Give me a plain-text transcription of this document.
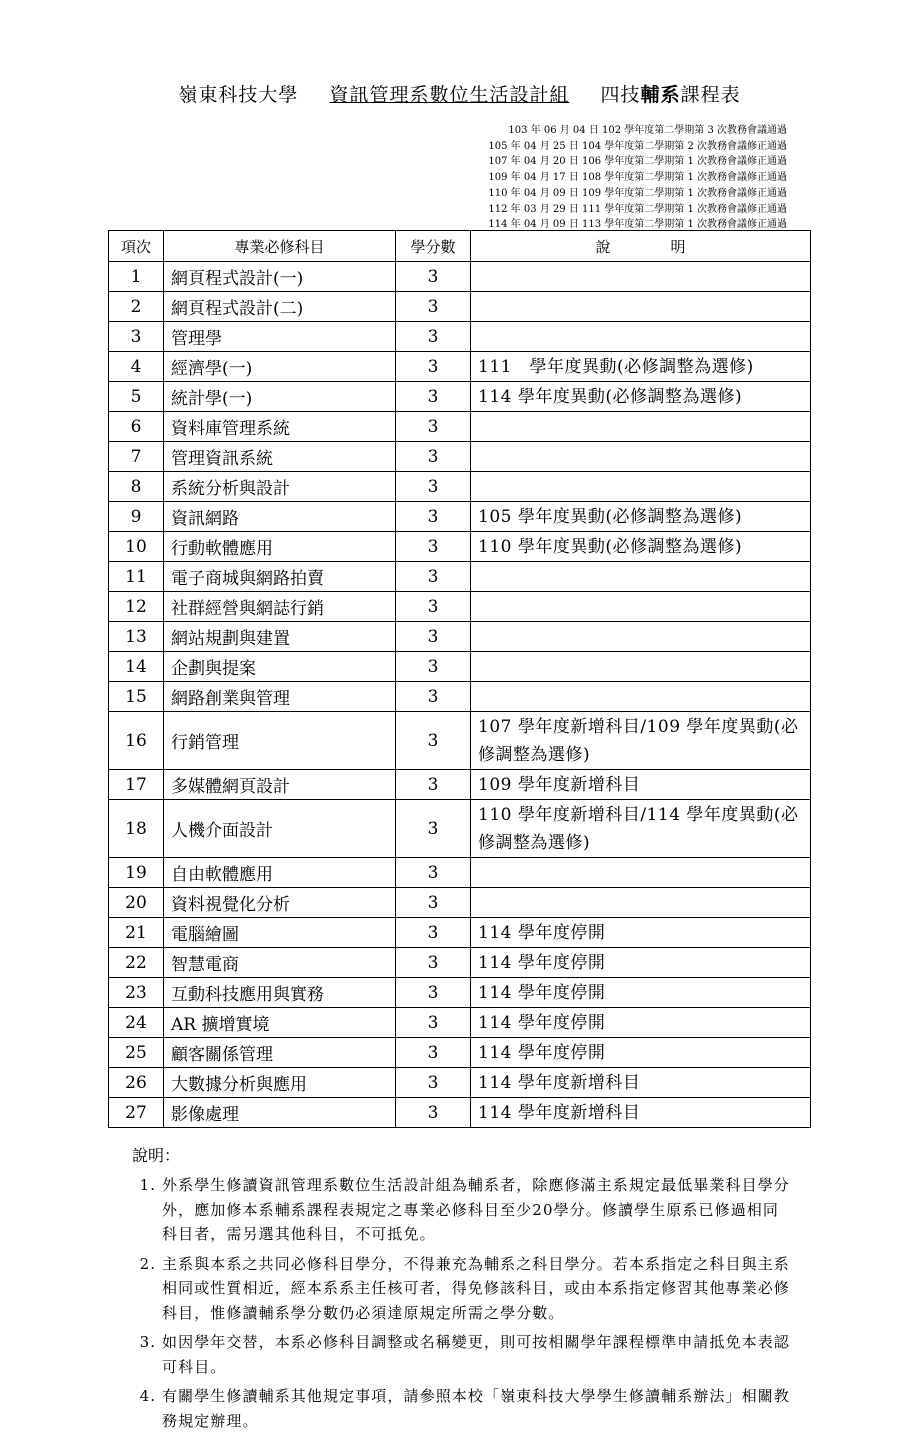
嶺東科技大學 資訊管理系數位生活設計組 四技輔系課程表
103 年 06 月 04 日 102 學年度第二學期第 3 次教務會議通過
105 年 04 月 25 日 104 學年度第二學期第 2 次教務會議修正通過
107 年 04 月 20 日 106 學年度第二學期第 1 次教務會議修正通過
109 年 04 月 17 日 108 學年度第二學期第 1 次教務會議修正通過
110 年 04 月 09 日 109 學年度第二學期第 1 次教務會議修正通過
112 年 03 月 29 日 111 學年度第二學期第 1 次教務會議修正通過
114 年 04 月 09 日 113 學年度第二學期第 1 次教務會議修正通過
項次	專業必修科目	學分數	說　　　　明
1	網頁程式設計(一)	3	
2	網頁程式設計(二)	3	
3	管理學	3	
4	經濟學(一)	3	111　學年度異動(必修調整為選修)
5	統計學(一)	3	114 學年度異動(必修調整為選修)
6	資料庫管理系統	3	
7	管理資訊系統	3	
8	系統分析與設計	3	
9	資訊網路	3	105 學年度異動(必修調整為選修)
10	行動軟體應用	3	110 學年度異動(必修調整為選修)
11	電子商城與網路拍賣	3	
12	社群經營與網誌行銷	3	
13	網站規劃與建置	3	
14	企劃與提案	3	
15	網路創業與管理	3	
16	行銷管理	3	107 學年度新增科目/109 學年度異動(必修調整為選修)
17	多媒體網頁設計	3	109 學年度新增科目
18	人機介面設計	3	110 學年度新增科目/114 學年度異動(必修調整為選修)
19	自由軟體應用	3	
20	資料視覺化分析	3	
21	電腦繪圖	3	114 學年度停開
22	智慧電商	3	114 學年度停開
23	互動科技應用與實務	3	114 學年度停開
24	AR 擴增實境	3	114 學年度停開
25	顧客關係管理	3	114 學年度停開
26	大數據分析與應用	3	114 學年度新增科目
27	影像處理	3	114 學年度新增科目
說明：
1. 外系學生修讀資訊管理系數位生活設計組為輔系者，除應修滿主系規定最低畢業科目學分外，應加修本系輔系課程表規定之專業必修科目至少20學分。修讀學生原系已修過相同科目者，需另選其他科目，不可抵免。
2. 主系與本系之共同必修科目學分，不得兼充為輔系之科目學分。若本系指定之科目與主系相同或性質相近，經本系系主任核可者，得免修該科目，或由本系指定修習其他專業必修科目，惟修讀輔系學分數仍必須達原規定所需之學分數。
3. 如因學年交替，本系必修科目調整或名稱變更，則可按相關學年課程標準申請抵免本表認可科目。
4. 有關學生修讀輔系其他規定事項，請參照本校「嶺東科技大學學生修讀輔系辦法」相關教務規定辦理。
